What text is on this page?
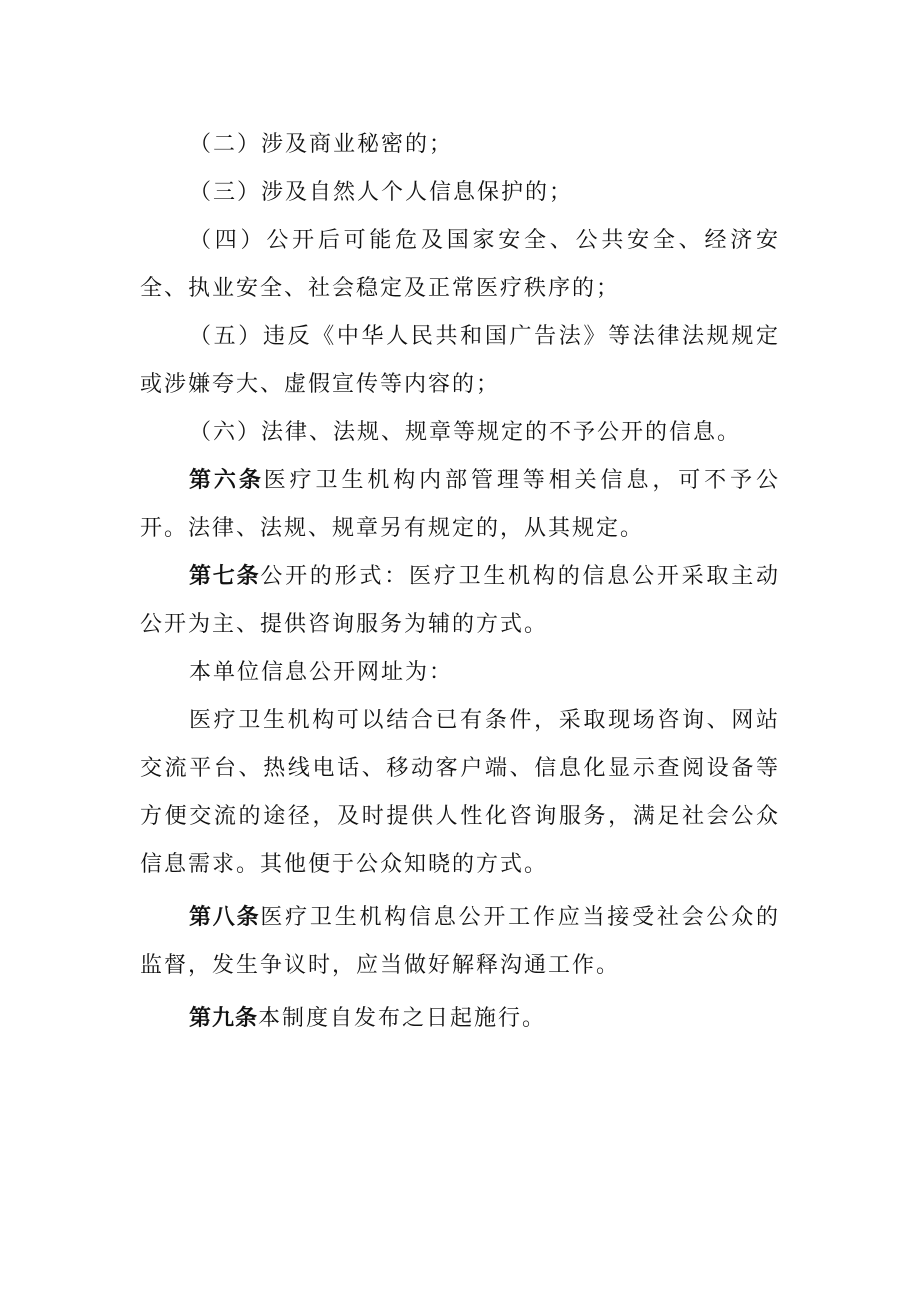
（二）涉及商业秘密的；

（三）涉及自然人个人信息保护的；

（四）公开后可能危及国家安全、公共安全、经济安全、执业安全、社会稳定及正常医疗秩序的；

（五）违反《中华人民共和国广告法》等法律法规规定或涉嫌夸大、虚假宣传等内容的；

（六）法律、法规、规章等规定的不予公开的信息。

第六条医疗卫生机构内部管理等相关信息，可不予公开。法律、法规、规章另有规定的，从其规定。

第七条公开的形式：医疗卫生机构的信息公开采取主动公开为主、提供咨询服务为辅的方式。

本单位信息公开网址为：

医疗卫生机构可以结合已有条件，采取现场咨询、网站交流平台、热线电话、移动客户端、信息化显示查阅设备等方便交流的途径，及时提供人性化咨询服务，满足社会公众信息需求。其他便于公众知晓的方式。

第八条医疗卫生机构信息公开工作应当接受社会公众的监督，发生争议时，应当做好解释沟通工作。

第九条本制度自发布之日起施行。
